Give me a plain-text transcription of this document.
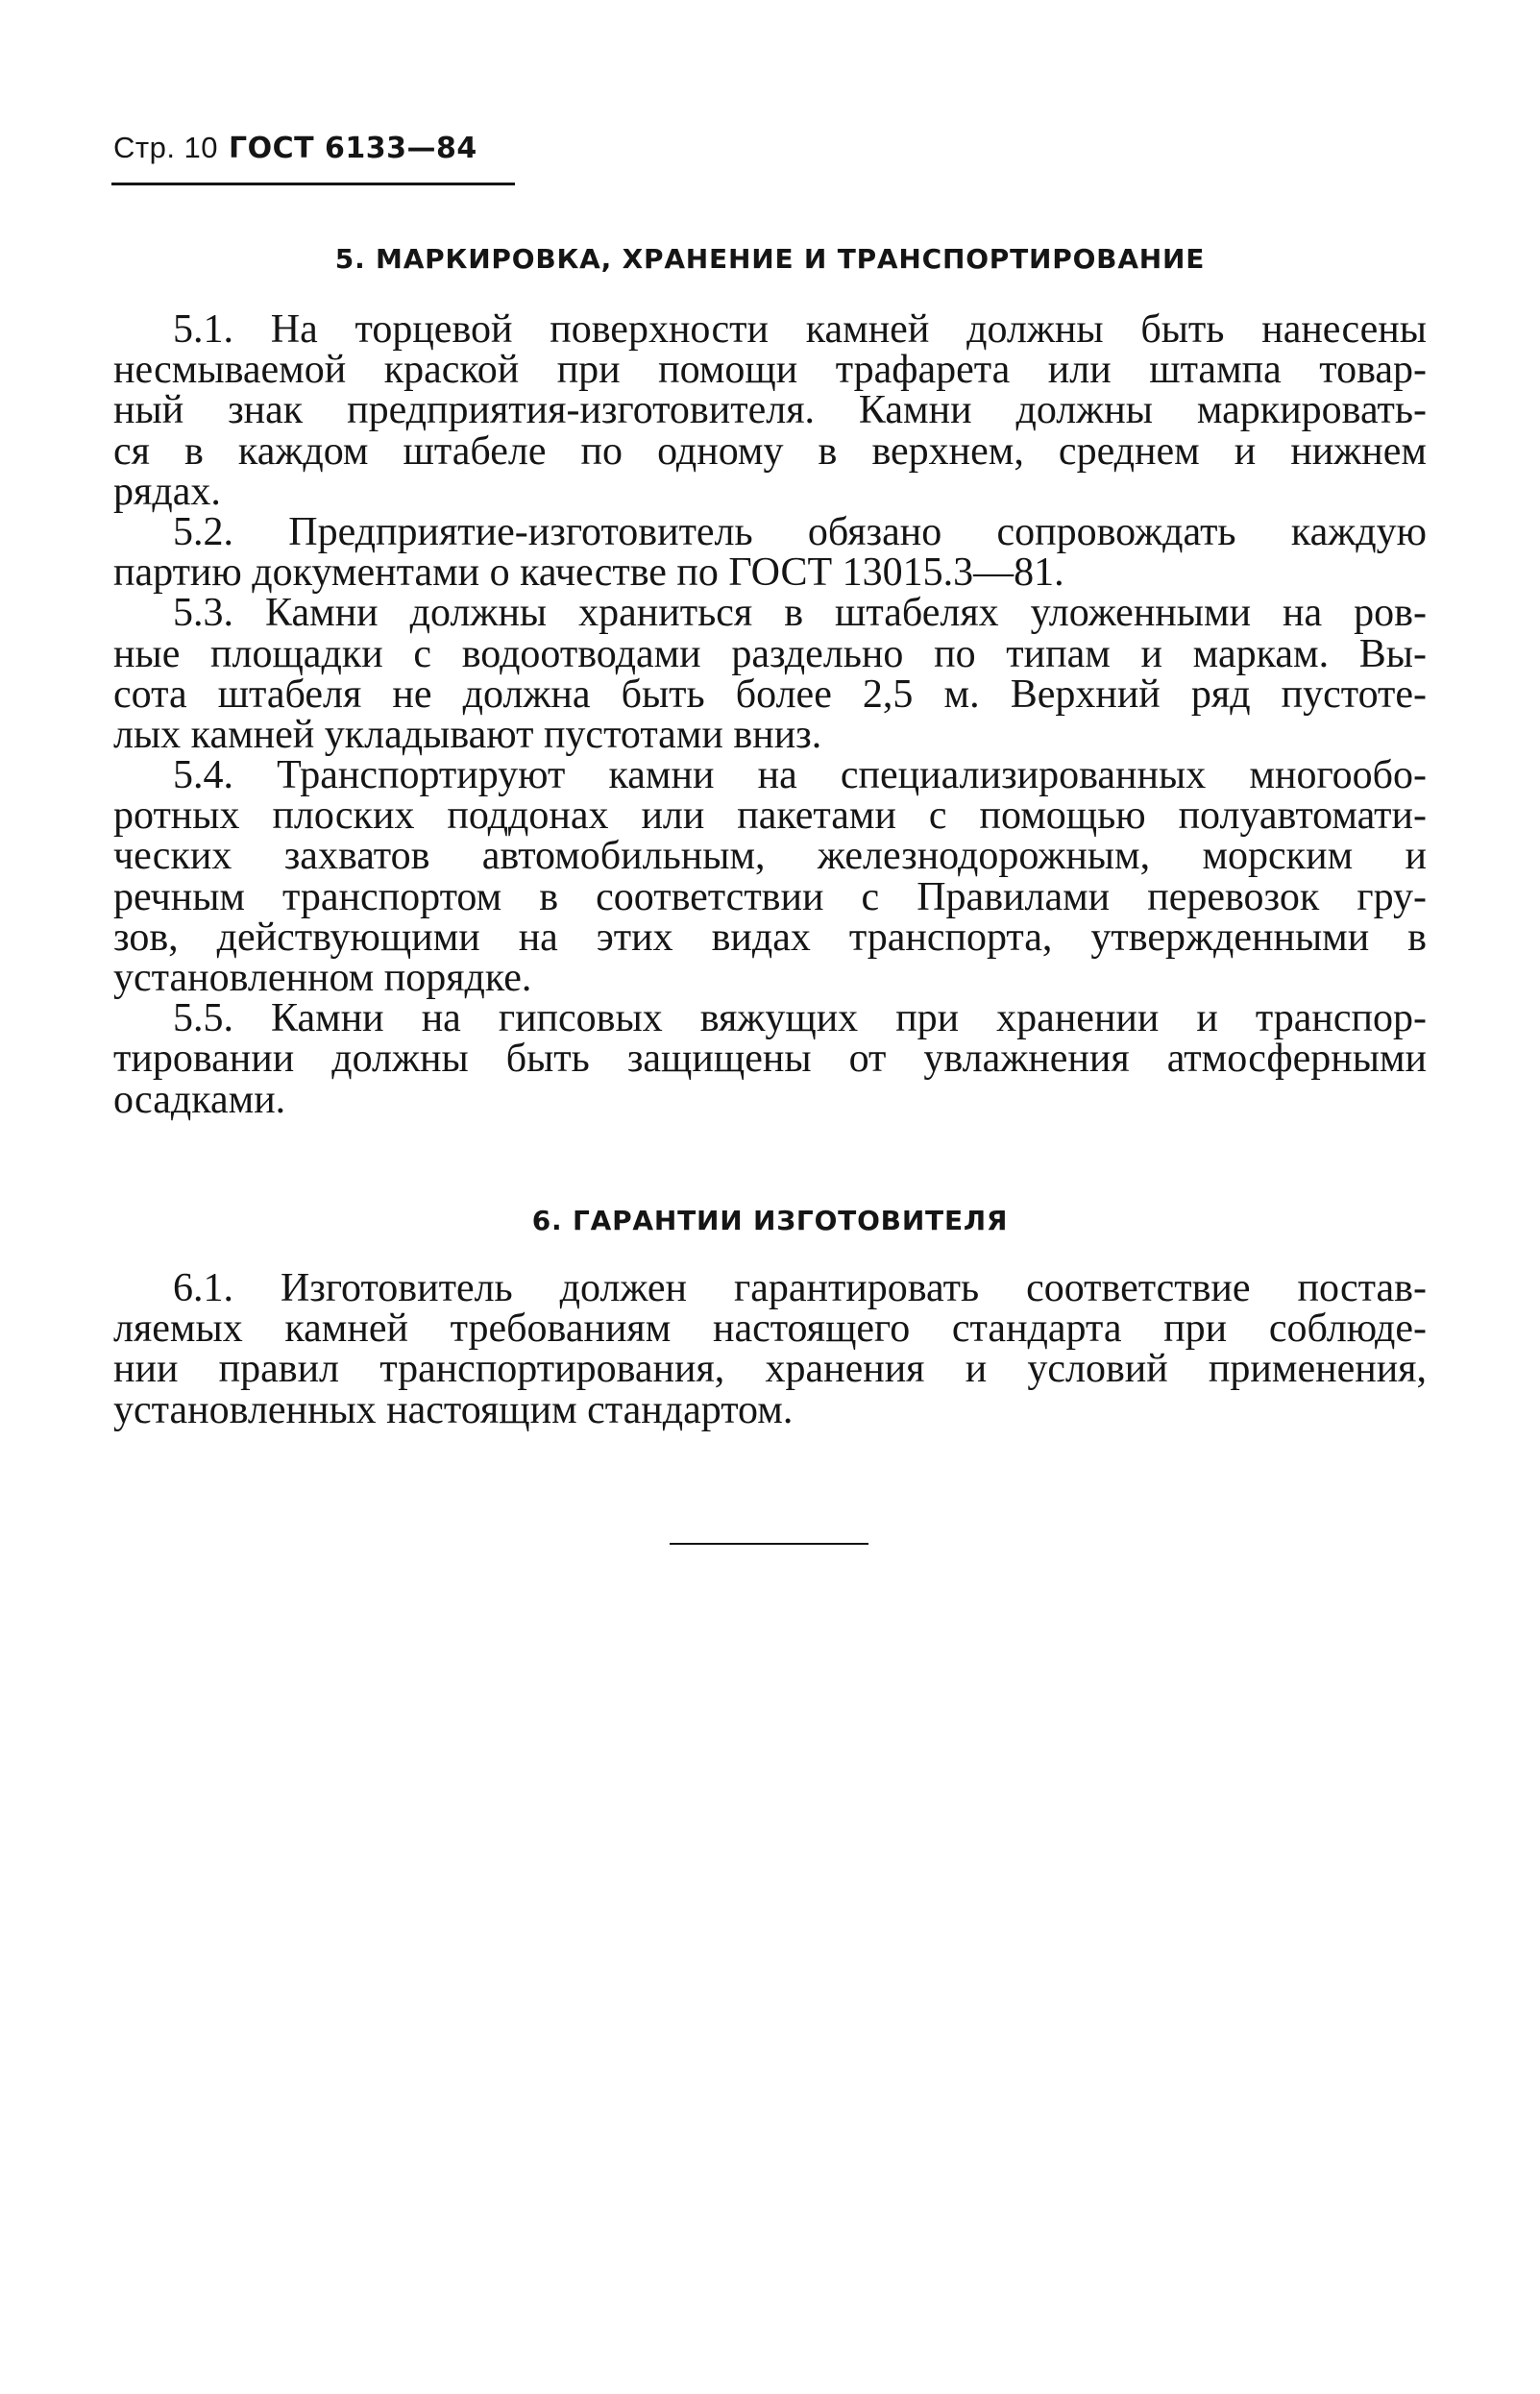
Стр. 10 ГОСТ 6133—84
5. МАРКИРОВКА, ХРАНЕНИЕ И ТРАНСПОРТИРОВАНИЕ
5.1. На торцевой поверхности камней должны быть нанесены
несмываемой краской при помощи трафарета или штампа товар-
ный знак предприятия-изготовителя. Камни должны маркировать-
ся в каждом штабеле по одному в верхнем, среднем и нижнем
рядах.
5.2. Предприятие-изготовитель обязано сопровождать каждую
партию документами о качестве по ГОСТ 13015.3—81.
5.3. Камни должны храниться в штабелях уложенными на ров-
ные площадки с водоотводами раздельно по типам и маркам. Вы-
сота штабеля не должна быть более 2,5 м. Верхний ряд пустоте-
лых камней укладывают пустотами вниз.
5.4. Транспортируют камни на специализированных многообо-
ротных плоских поддонах или пакетами с помощью полуавтомати-
ческих захватов автомобильным, железнодорожным, морским и
речным транспортом в соответствии с Правилами перевозок гру-
зов, действующими на этих видах транспорта, утвержденными в
установленном порядке.
5.5. Камни на гипсовых вяжущих при хранении и транспор-
тировании должны быть защищены от увлажнения атмосферными
осадками.
6. ГАРАНТИИ ИЗГОТОВИТЕЛЯ
6.1. Изготовитель должен гарантировать соответствие постав-
ляемых камней требованиям настоящего стандарта при соблюде-
нии правил транспортирования, хранения и условий применения,
установленных настоящим стандартом.
